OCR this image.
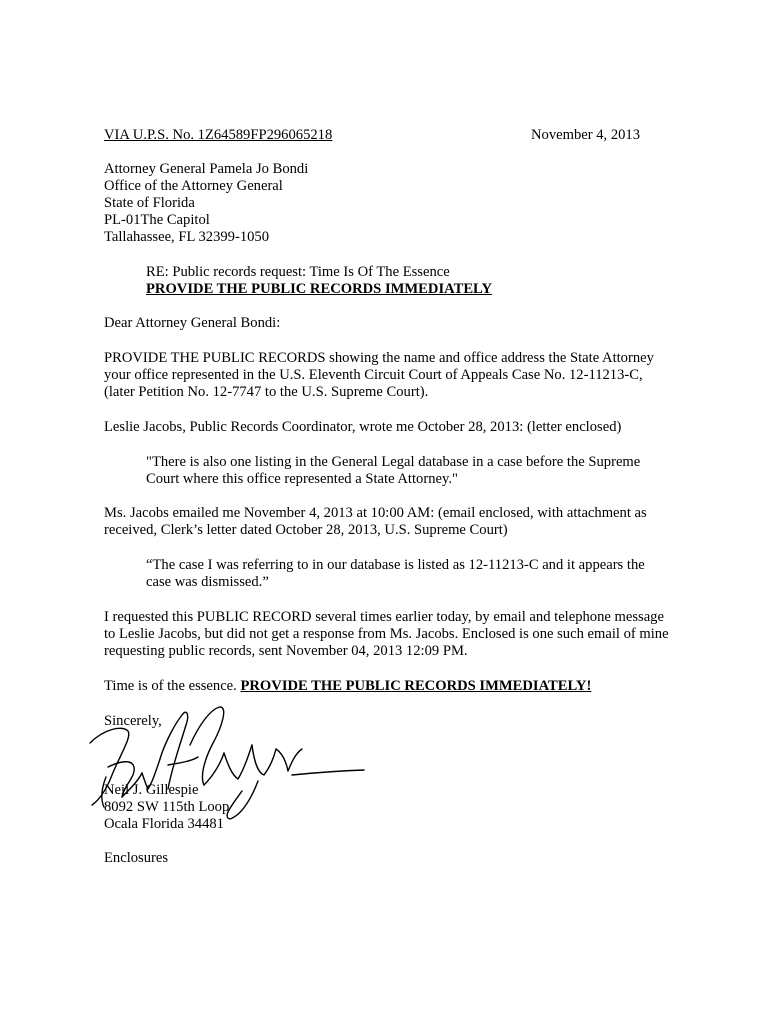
VIA U.P.S. No. 1Z64589FP296065218	November 4, 2013
Attorney General Pamela Jo Bondi
Office of the Attorney General
State of Florida
PL-01The Capitol
Tallahassee, FL 32399-1050
RE: Public records request: Time Is Of The Essence
PROVIDE THE PUBLIC RECORDS IMMEDIATELY
Dear Attorney General Bondi:
PROVIDE THE PUBLIC RECORDS showing the name and office address the State Attorney
your office represented in the U.S. Eleventh Circuit Court of Appeals Case No. 12-11213-C,
(later Petition No. 12-7747 to the U.S. Supreme Court).
Leslie Jacobs, Public Records Coordinator, wrote me October 28, 2013: (letter enclosed)
"There is also one listing in the General Legal database in a case before the Supreme
Court where this office represented a State Attorney."
Ms. Jacobs emailed me November 4, 2013 at 10:00 AM: (email enclosed, with attachment as
received, Clerk’s letter dated October 28, 2013, U.S. Supreme Court)
“The case I was referring to in our database is listed as 12-11213-C and it appears the
case was dismissed.”
I requested this PUBLIC RECORD several times earlier today, by email and telephone message
to Leslie Jacobs, but did not get a response from Ms. Jacobs. Enclosed is one such email of mine
requesting public records, sent November 04, 2013 12:09 PM.
Time is of the essence. PROVIDE THE PUBLIC RECORDS IMMEDIATELY!
Sincerely,
Neil J. Gillespie
8092 SW 115th Loop
Ocala Florida 34481
Enclosures
